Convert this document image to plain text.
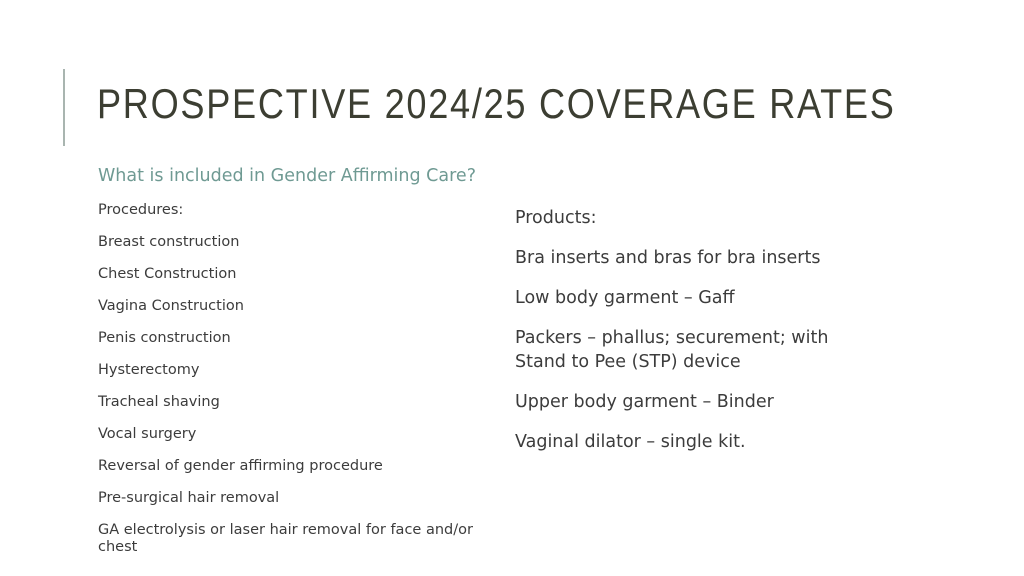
PROSPECTIVE 2024/25 COVERAGE RATES
What is included in Gender Affirming Care?
Procedures:
Breast construction
Chest Construction
Vagina Construction
Penis construction
Hysterectomy
Tracheal shaving
Vocal surgery
Reversal of gender affirming procedure
Pre-surgical hair removal
GA electrolysis or laser hair removal for face and/or chest
Products:
Bra inserts and bras for bra inserts
Low body garment – Gaff
Packers – phallus; securement; with Stand to Pee (STP) device
Upper body garment – Binder
Vaginal dilator – single kit.
